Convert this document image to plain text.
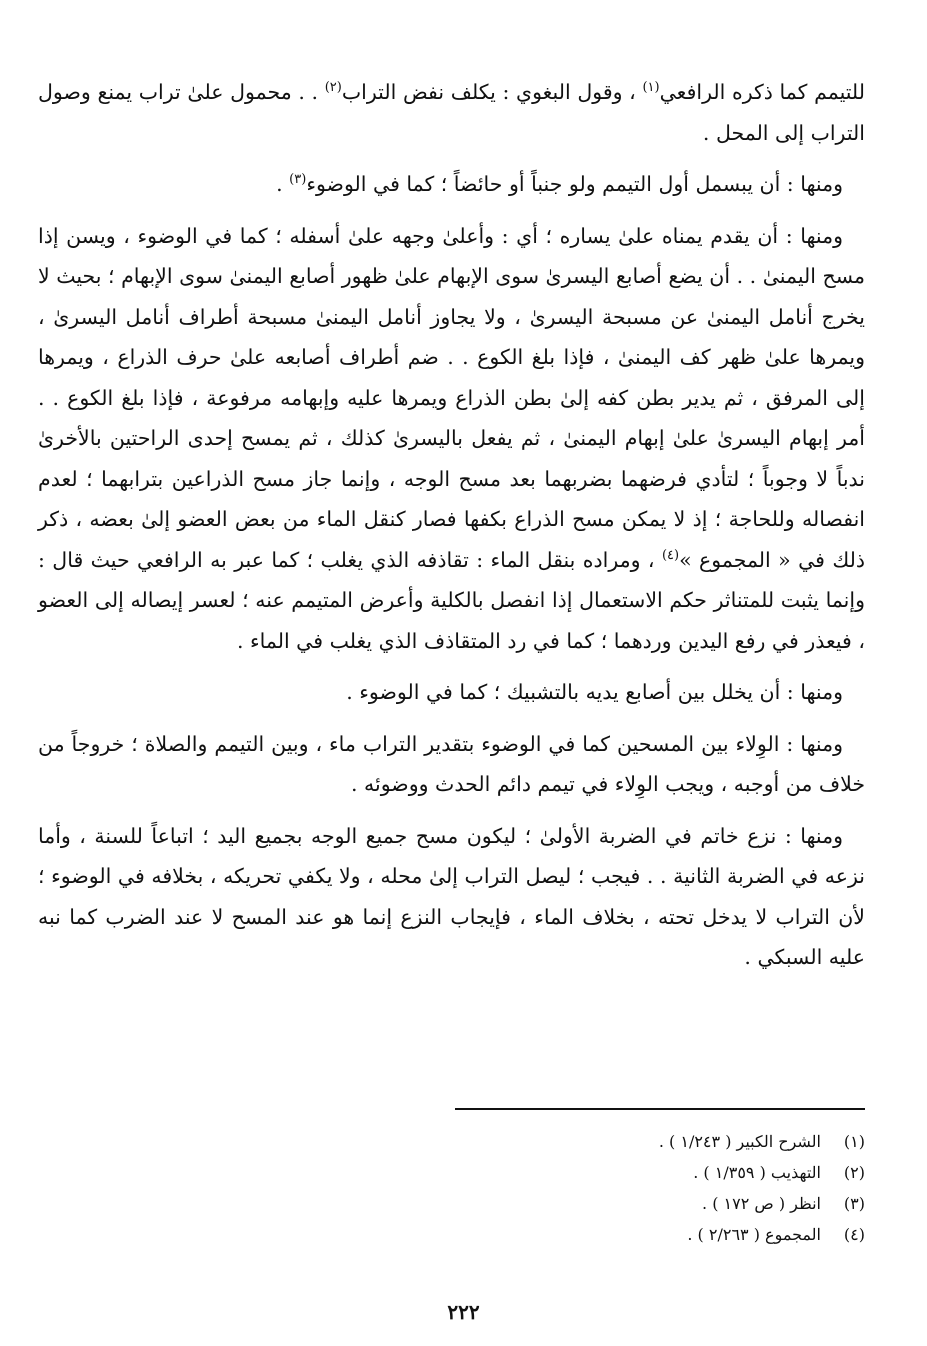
للتيمم كما ذكره الرافعي$^{(١)}$ ، وقول البغوي : يكلف نفض التراب$^{(٢)}$ . . محمول علىٰ تراب يمنع وصول التراب إلى المحل .

ومنها : أن يبسمل أول التيمم ولو جنباً أو حائضاً ؛ كما في الوضوء$^{(٣)}$ .

ومنها : أن يقدم يمناه علىٰ يساره ؛ أي : وأعلىٰ وجهه علىٰ أسفله ؛ كما في الوضوء ، ويسن إذا مسح اليمنىٰ . . أن يضع أصابع اليسرىٰ سوى الإبهام علىٰ ظهور أصابع اليمنىٰ سوى الإبهام ؛ بحيث لا يخرج أنامل اليمنىٰ عن مسبحة اليسرىٰ ، ولا يجاوز أنامل اليمنىٰ مسبحة أطراف أنامل اليسرىٰ ، ويمرها علىٰ ظهر كف اليمنىٰ ، فإذا بلغ الكوع . . ضم أطراف أصابعه علىٰ حرف الذراع ، ويمرها إلى المرفق ، ثم يدير بطن كفه إلىٰ بطن الذراع ويمرها عليه وإبهامه مرفوعة ، فإذا بلغ الكوع . . أمر إبهام اليسرىٰ علىٰ إبهام اليمنىٰ ، ثم يفعل باليسرىٰ كذلك ، ثم يمسح إحدى الراحتين بالأخرىٰ ندباً لا وجوباً ؛ لتأدي فرضهما بضربهما بعد مسح الوجه ، وإنما جاز مسح الذراعين بترابهما ؛ لعدم انفصاله وللحاجة ؛ إذ لا يمكن مسح الذراع بكفها فصار كنقل الماء من بعض العضو إلىٰ بعضه ، ذكر ذلك في « المجموع »$^{(٤)}$ ، ومراده بنقل الماء : تقاذفه الذي يغلب ؛ كما عبر به الرافعي حيث قال : وإنما يثبت للمتناثر حكم الاستعمال إذا انفصل بالكلية وأعرض المتيمم عنه ؛ لعسر إيصاله إلى العضو ، فيعذر في رفع اليدين وردهما ؛ كما في رد المتقاذف الذي يغلب في الماء .

ومنها : أن يخلل بين أصابع يديه بالتشبيك ؛ كما في الوضوء .

ومنها : الوِلاء بين المسحين كما في الوضوء بتقدير التراب ماء ، وبين التيمم والصلاة ؛ خروجاً من خلاف من أوجبه ، ويجب الوِلاء في تيمم دائم الحدث ووضوئه .

ومنها : نزع خاتم في الضربة الأولىٰ ؛ ليكون مسح جميع الوجه بجميع اليد ؛ اتباعاً للسنة ، وأما نزعه في الضربة الثانية . . فيجب ؛ ليصل التراب إلىٰ محله ، ولا يكفي تحريكه ، بخلافه في الوضوء ؛ لأن التراب لا يدخل تحته ، بخلاف الماء ، فإيجاب النزع إنما هو عند المسح لا عند الضرب كما نبه عليه السبكي .

(١)
الشرح الكبير ( ١/٢٤٣ ) .
(٢)
التهذيب ( ١/٣٥٩ ) .
(٣)
انظر ( ص ١٧٢ ) .
(٤)
المجموع ( ٢/٢٦٣ ) .
٢٢٢
